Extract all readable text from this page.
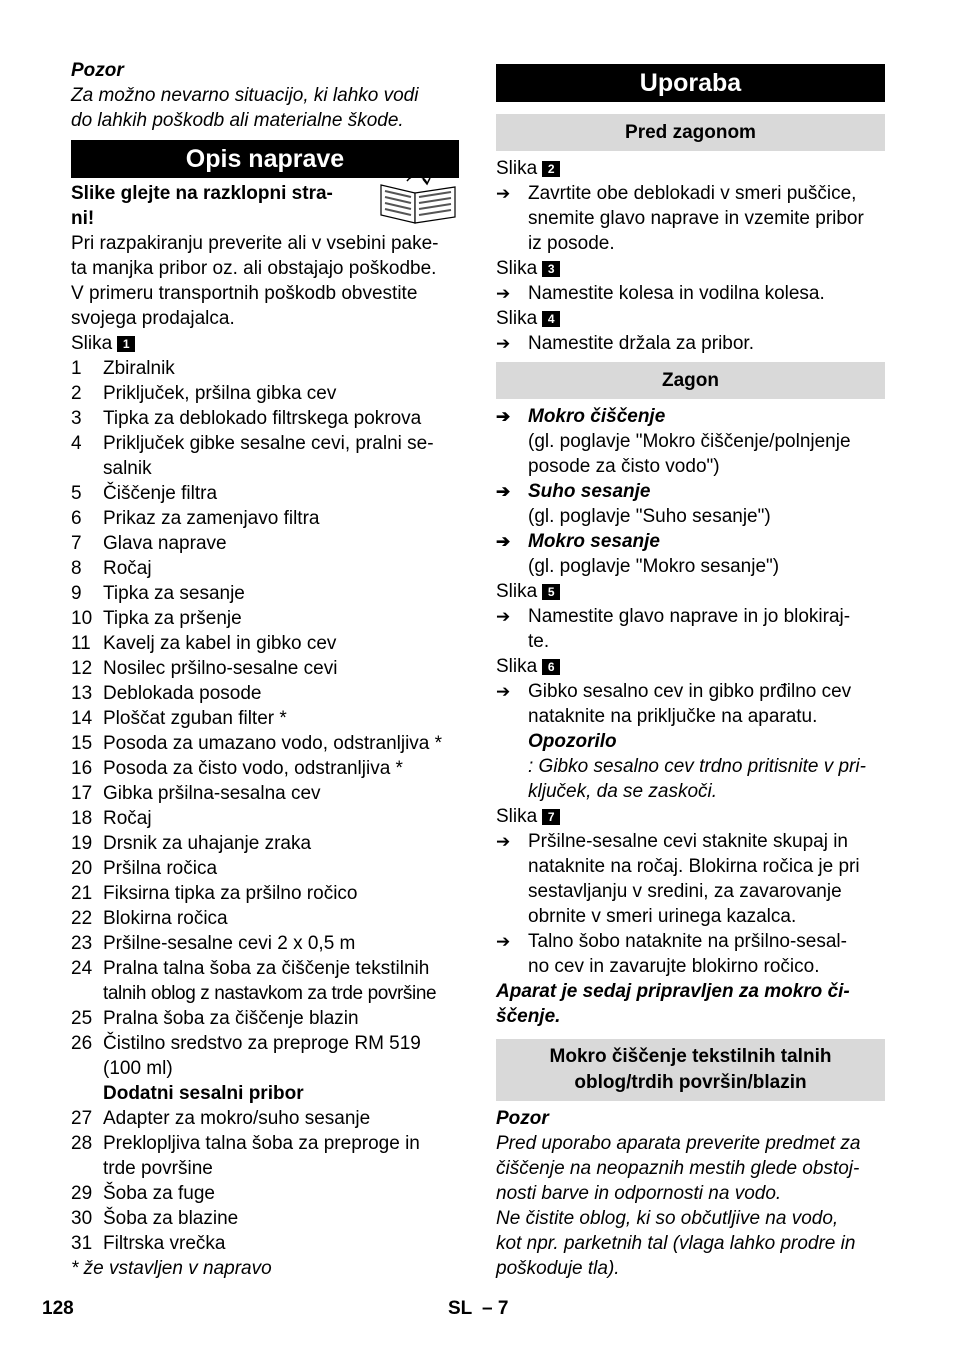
Pozor
Za možno nevarno situacijo, ki lahko vodi
do lahkih poškodb ali materialne škode.
Opis naprave
Slike glejte na razklopni stra-
ni!
Pri razpakiranju preverite ali v vsebini pake-
ta manjka pribor oz. ali obstajajo poškodbe.
V primeru transportnih poškodb obvestite
svojega prodajalca.
Slika 1
1 Zbiralnik
2 Priključek, pršilna gibka cev
3 Tipka za deblokado filtrskega pokrova
4 Priključek gibke sesalne cevi, pralni se-
salnik
5 Čiščenje filtra
6 Prikaz za zamenjavo filtra
7 Glava naprave
8 Ročaj
9 Tipka za sesanje
10 Tipka za pršenje
11 Kavelj za kabel in gibko cev
12 Nosilec pršilno-sesalne cevi
13 Deblokada posode
14 Ploščat zguban filter *
15 Posoda za umazano vodo, odstranljiva *
16 Posoda za čisto vodo, odstranljiva *
17 Gibka pršilna-sesalna cev
18 Ročaj
19 Drsnik za uhajanje zraka
20 Pršilna ročica
21 Fiksirna tipka za pršilno ročico
22 Blokirna ročica
23 Pršilne-sesalne cevi 2 x 0,5 m
24 Pralna talna šoba za čiščenje tekstilnih
talnih oblog z nastavkom za trde površine
25 Pralna šoba za čiščenje blazin
26 Čistilno sredstvo za preproge RM 519
(100 ml)
Dodatni sesalni pribor
27 Adapter za mokro/suho sesanje
28 Preklopljiva talna šoba za preproge in
trde površine
29 Šoba za fuge
30 Šoba za blazine
31 Filtrska vrečka
* že vstavljen v napravo
Uporaba
Pred zagonom
Slika 2
➔ Zavrtite obe deblokadi v smeri puščice,
snemite glavo naprave in vzemite pribor
iz posode.
Slika 3
➔ Namestite kolesa in vodilna kolesa.
Slika 4
➔ Namestite držala za pribor.
Zagon
➔ Mokro čiščenje
(gl. poglavje "Mokro čiščenje/polnjenje
posode za čisto vodo")
➔ Suho sesanje
(gl. poglavje "Suho sesanje")
➔ Mokro sesanje
(gl. poglavje "Mokro sesanje")
Slika 5
➔ Namestite glavo naprave in jo blokiraj-
te.
Slika 6
➔ Gibko sesalno cev in gibko prđilno cev
nataknite na priključke na aparatu.
Opozorilo
: Gibko sesalno cev trdno pritisnite v pri-
ključek, da se zaskoči.
Slika 7
➔ Pršilne-sesalne cevi staknite skupaj in
nataknite na ročaj. Blokirna ročica je pri
sestavljanju v sredini, za zavarovanje
obrnite v smeri urinega kazalca.
➔ Talno šobo nataknite na pršilno-sesal-
no cev in zavarujte blokirno ročico.
Aparat je sedaj pripravljen za mokro či-
ščenje.
Mokro čiščenje tekstilnih talnih
oblog/trdih površin/blazin
Pozor
Pred uporabo aparata preverite predmet za
čiščenje na neopaznih mestih glede obstoj-
nosti barve in odpornosti na vodo.
Ne čistite oblog, ki so občutljive na vodo,
kot npr. parketnih tal (vlaga lahko prodre in
poškoduje tla).
128	SL – 7
